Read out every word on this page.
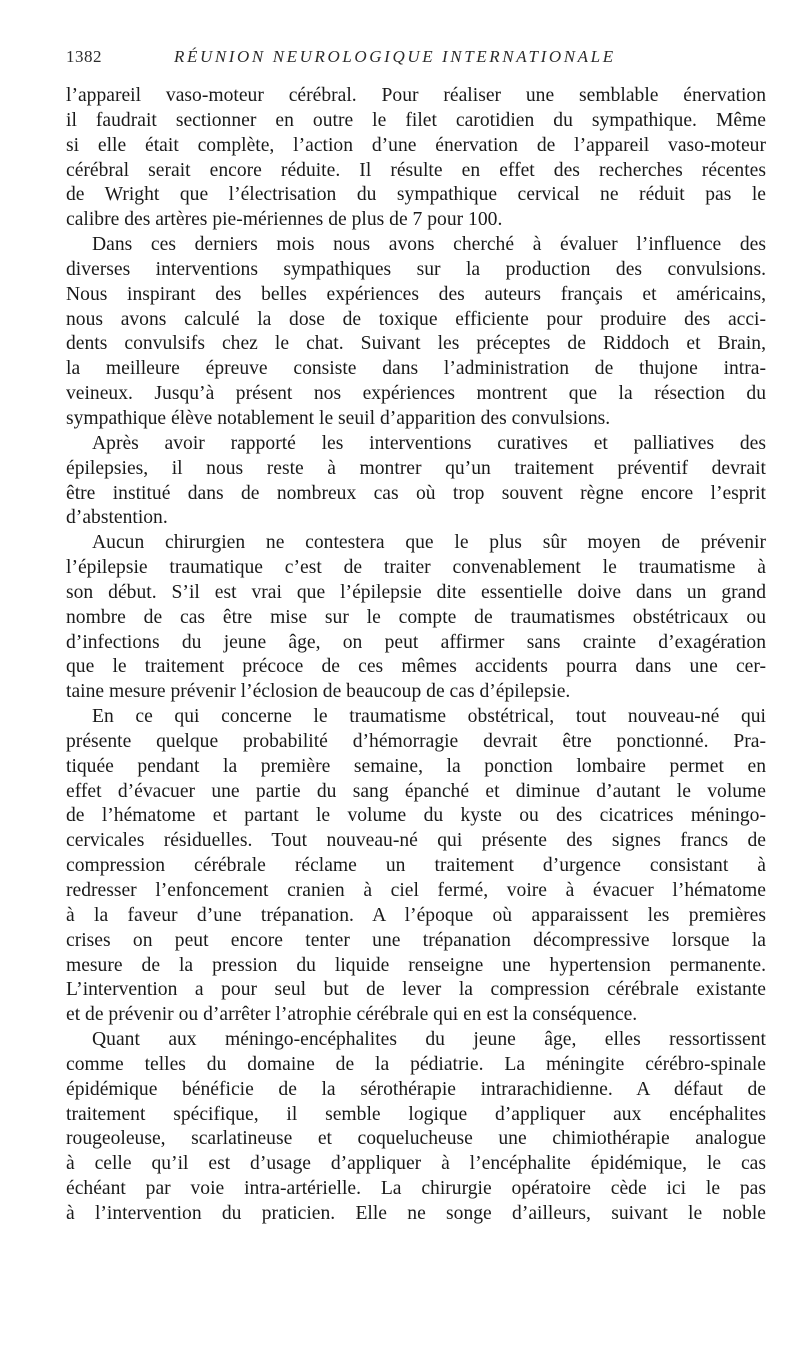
1382	RÉUNION NEUROLOGIQUE INTERNATIONALE
l’appareil vaso-moteur cérébral. Pour réaliser une semblable énervation
il faudrait sectionner en outre le filet carotidien du sympathique. Même
si elle était complète, l’action d’une énervation de l’appareil vaso-moteur
cérébral serait encore réduite. Il résulte en effet des recherches récentes
de Wright que l’électrisation du sympathique cervical ne réduit pas le
calibre des artères pie-mériennes de plus de 7 pour 100.
Dans ces derniers mois nous avons cherché à évaluer l’influence des
diverses interventions sympathiques sur la production des convulsions.
Nous inspirant des belles expériences des auteurs français et américains,
nous avons calculé la dose de toxique efficiente pour produire des acci-
dents convulsifs chez le chat. Suivant les préceptes de Riddoch et Brain,
la meilleure épreuve consiste dans l’administration de thujone intra-
veineux. Jusqu’à présent nos expériences montrent que la résection du
sympathique élève notablement le seuil d’apparition des convulsions.
Après avoir rapporté les interventions curatives et palliatives des
épilepsies, il nous reste à montrer qu’un traitement préventif devrait
être institué dans de nombreux cas où trop souvent règne encore l’esprit
d’abstention.
Aucun chirurgien ne contestera que le plus sûr moyen de prévenir
l’épilepsie traumatique c’est de traiter convenablement le traumatisme à
son début. S’il est vrai que l’épilepsie dite essentielle doive dans un grand
nombre de cas être mise sur le compte de traumatismes obstétricaux ou
d’infections du jeune âge, on peut affirmer sans crainte d’exagération
que le traitement précoce de ces mêmes accidents pourra dans une cer-
taine mesure prévenir l’éclosion de beaucoup de cas d’épilepsie.
En ce qui concerne le traumatisme obstétrical, tout nouveau-né qui
présente quelque probabilité d’hémorragie devrait être ponctionné. Pra-
tiquée pendant la première semaine, la ponction lombaire permet en
effet d’évacuer une partie du sang épanché et diminue d’autant le volume
de l’hématome et partant le volume du kyste ou des cicatrices méningo-
cervicales résiduelles. Tout nouveau-né qui présente des signes francs de
compression cérébrale réclame un traitement d’urgence consistant à
redresser l’enfoncement cranien à ciel fermé, voire à évacuer l’hématome
à la faveur d’une trépanation. A l’époque où apparaissent les premières
crises on peut encore tenter une trépanation décompressive lorsque la
mesure de la pression du liquide renseigne une hypertension permanente.
L’intervention a pour seul but de lever la compression cérébrale existante
et de prévenir ou d’arrêter l’atrophie cérébrale qui en est la conséquence.
Quant aux méningo-encéphalites du jeune âge, elles ressortissent
comme telles du domaine de la pédiatrie. La méningite cérébro-spinale
épidémique bénéficie de la sérothérapie intrarachidienne. A défaut de
traitement spécifique, il semble logique d’appliquer aux encéphalites
rougeoleuse, scarlatineuse et coquelucheuse une chimiothérapie analogue
à celle qu’il est d’usage d’appliquer à l’encéphalite épidémique, le cas
échéant par voie intra-artérielle. La chirurgie opératoire cède ici le pas
à l’intervention du praticien. Elle ne songe d’ailleurs, suivant le noble
